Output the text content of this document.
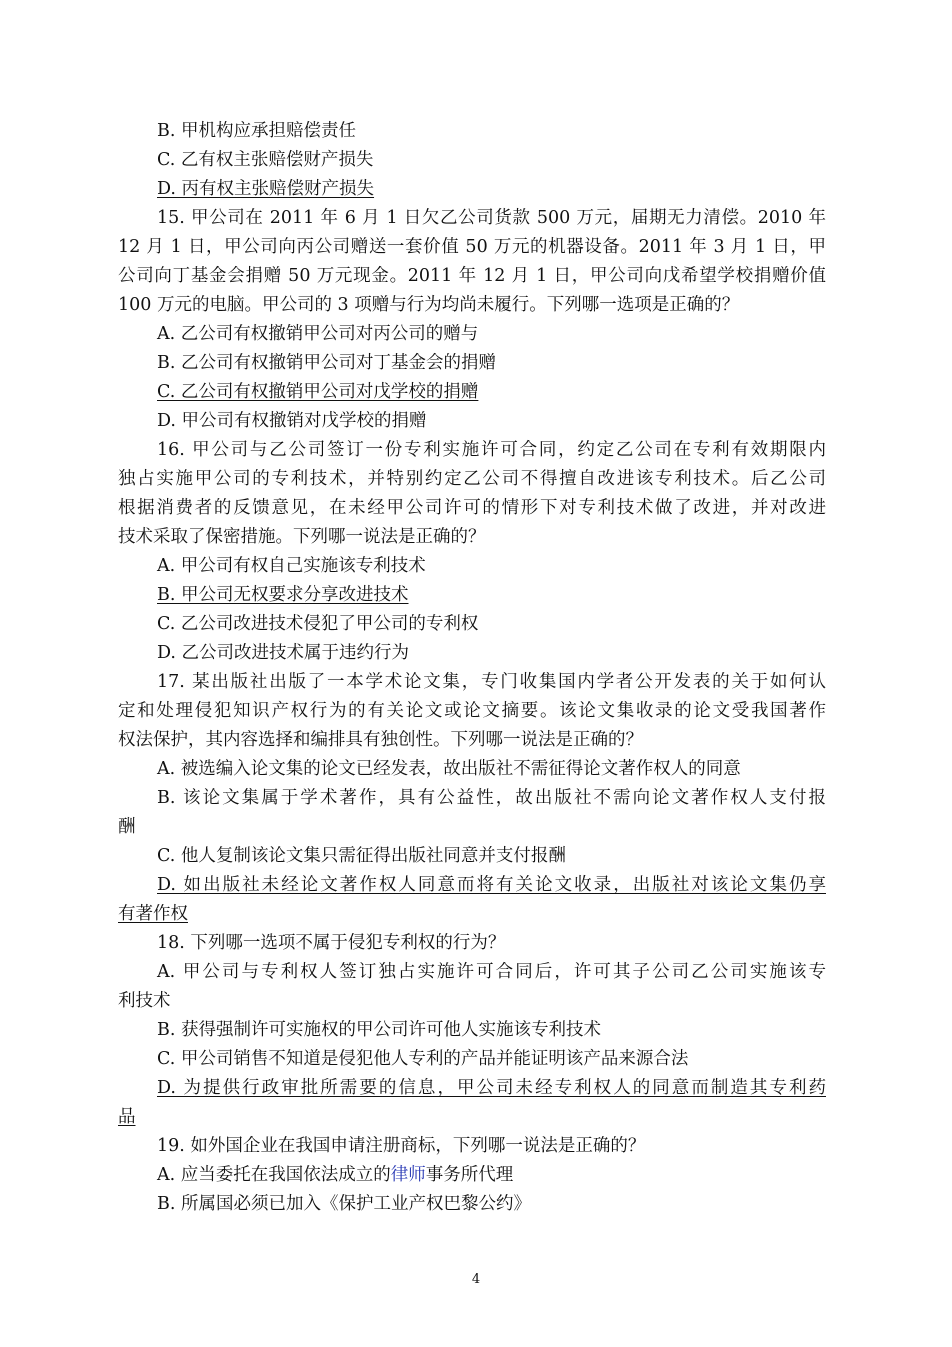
B. 甲机构应承担赔偿责任
C. 乙有权主张赔偿财产损失
D. 丙有权主张赔偿财产损失
15. 甲公司在 2011 年 6 月 1 日欠乙公司货款 500 万元，届期无力清偿。2010 年
12 月 1 日，甲公司向丙公司赠送一套价值 50 万元的机器设备。2011 年 3 月 1 日，甲
公司向丁基金会捐赠 50 万元现金。2011 年 12 月 1 日，甲公司向戊希望学校捐赠价值
100 万元的电脑。甲公司的 3 项赠与行为均尚未履行。下列哪一选项是正确的？
A. 乙公司有权撤销甲公司对丙公司的赠与
B. 乙公司有权撤销甲公司对丁基金会的捐赠
C. 乙公司有权撤销甲公司对戊学校的捐赠
D. 甲公司有权撤销对戊学校的捐赠
16. 甲公司与乙公司签订一份专利实施许可合同，约定乙公司在专利有效期限内
独占实施甲公司的专利技术，并特别约定乙公司不得擅自改进该专利技术。后乙公司
根据消费者的反馈意见，在未经甲公司许可的情形下对专利技术做了改进，并对改进
技术采取了保密措施。下列哪一说法是正确的？
A. 甲公司有权自己实施该专利技术
B. 甲公司无权要求分享改进技术
C. 乙公司改进技术侵犯了甲公司的专利权
D. 乙公司改进技术属于违约行为
17. 某出版社出版了一本学术论文集，专门收集国内学者公开发表的关于如何认
定和处理侵犯知识产权行为的有关论文或论文摘要。该论文集收录的论文受我国著作
权法保护，其内容选择和编排具有独创性。下列哪一说法是正确的？
A. 被选编入论文集的论文已经发表，故出版社不需征得论文著作权人的同意
B. 该论文集属于学术著作，具有公益性，故出版社不需向论文著作权人支付报
酬
C. 他人复制该论文集只需征得出版社同意并支付报酬
D. 如出版社未经论文著作权人同意而将有关论文收录，出版社对该论文集仍享
有著作权
18. 下列哪一选项不属于侵犯专利权的行为？
A. 甲公司与专利权人签订独占实施许可合同后，许可其子公司乙公司实施该专
利技术
B. 获得强制许可实施权的甲公司许可他人实施该专利技术
C. 甲公司销售不知道是侵犯他人专利的产品并能证明该产品来源合法
D. 为提供行政审批所需要的信息，甲公司未经专利权人的同意而制造其专利药
品
19. 如外国企业在我国申请注册商标，下列哪一说法是正确的？
A. 应当委托在我国依法成立的律师事务所代理
B. 所属国必须已加入《保护工业产权巴黎公约》
4
